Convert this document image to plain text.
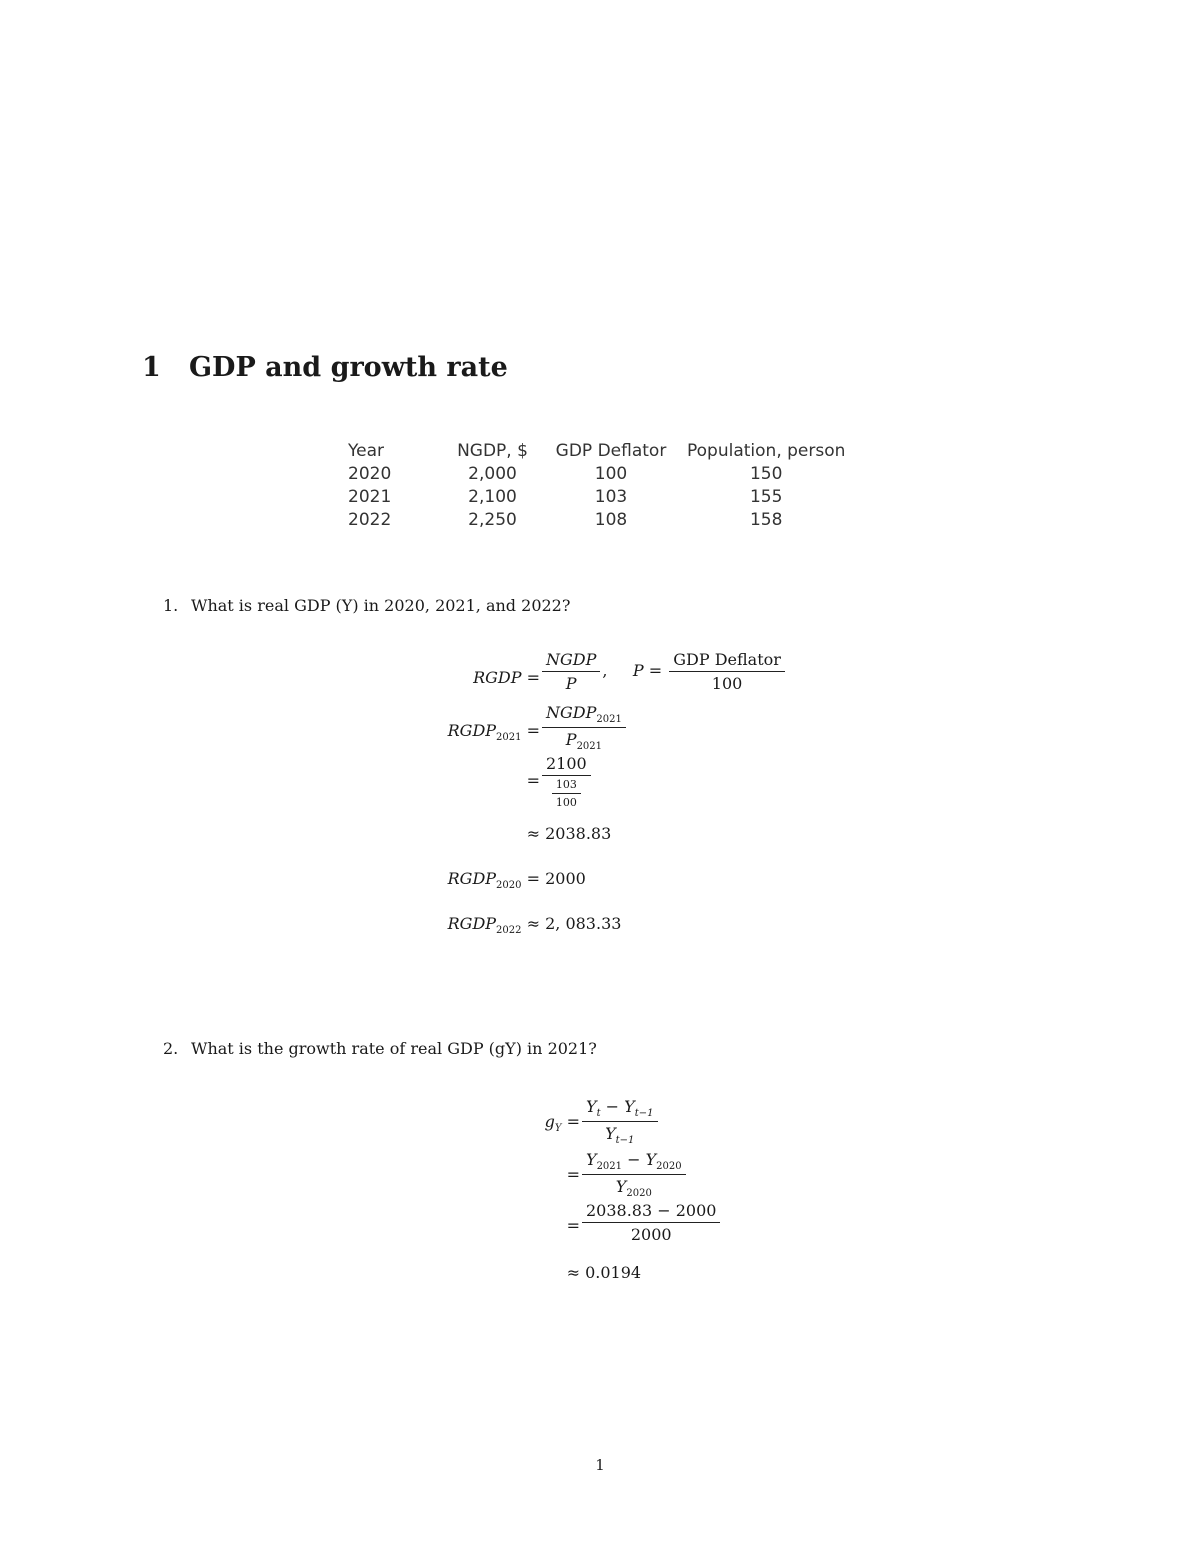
1 GDP and growth rate
Year	NGDP, $	GDP Deflator	Population, person
2020	2,000	100	150
2021	2,100	103	155
2022	2,250	108	158
1. What is real GDP (Y) in 2020, 2021, and 2022?
RGDP = $\frac{\text{NGDP}}{P}$ ,     $P = \frac{\text{GDP Deflator}}{100}$
$RGDP_{2021} = \frac{NGDP_{2021}}{P_{2021}}$
= $\frac{2100}{\frac{103}{100}}$
≈ 2038.83
$RGDP_{2020} = 2000$
$RGDP_{2022} \approx 2$, 083.33
2. What is the growth rate of real GDP (gY) in 2021?
$g_Y = \frac{Y_t - Y_{t-1}}{Y_{t-1}}$
= $\frac{Y_{2021} - Y_{2020}}{Y_{2020}}$
= $\frac{2038.83 - 2000}{2000}$
≈ 0.0194
1
